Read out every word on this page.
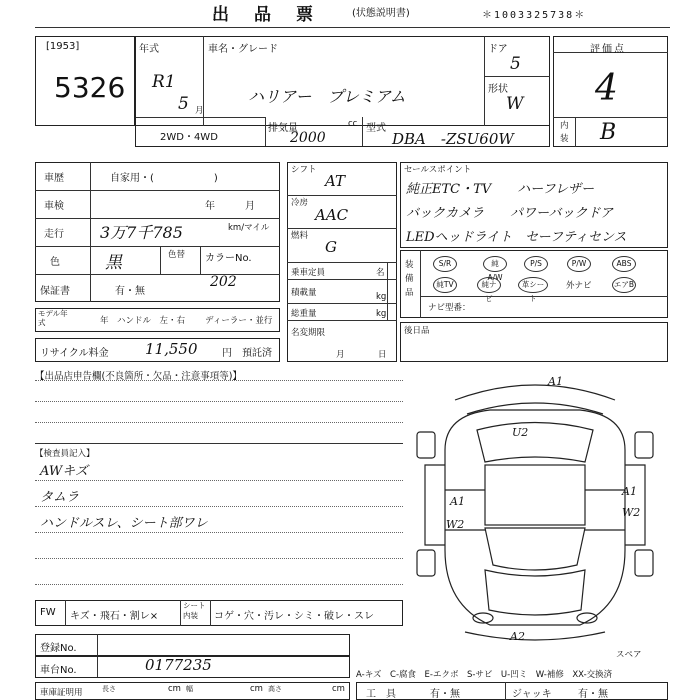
出　品　票	(状態説明書)	＊1003325738＊
[1953]
5326
年式
R1
5 月
車名・グレード
ハリアー　プレミアム
ドア
5
形状
W
2WD・4WD
排気量	cc
2000
型式
DBA　-ZSU60W
評価点
4
内
装 B
車歴	自家用・(　　　　　　)
車検	年	月
走行 3万7千785	km/マイル
色	黒	色替	カラーNo.
202
保証書	有・無
モデル年式	年　ハンドル　左・右 ディーラー・並行
リサイクル料金 11,550 円　預託済
シフト
AT
冷房
AAC
燃料
G
乗車定員	名
積載量	kg
総重量	kg
名変期限
月	日
セールスポイント
純正ETC・TV　　ハーフレザー
バックカメラ　　パワーバックドア
LEDヘッドライト　セーフティセンス
装備品
S/R	純A/W
P/S	P/W	ABS
純TV	純ナビ
革シート
外ナビ	エアB
ナビ型番：
後日品
【出品店申告欄(不良箇所・欠品・注意事項等)】
【検査員記入】
AWキズ
タムラ
ハンドルスレ、シート部ワレ
A1
U2
A1
W2
A1
W2
A2
スペア
FW キズ・飛石・割レ×
シート内装	コゲ・穴・汚レ・シミ・破レ・スレ
登録No.
車台No.	0177235
車庫証明用	長さ	cm 幅	cm 高さ	cm
A-キズ　C-腐食　E-エクボ　S-サビ　U-凹ミ　W-補修　XX-交換済
工　具	有・無	ジャッキ	有・無
